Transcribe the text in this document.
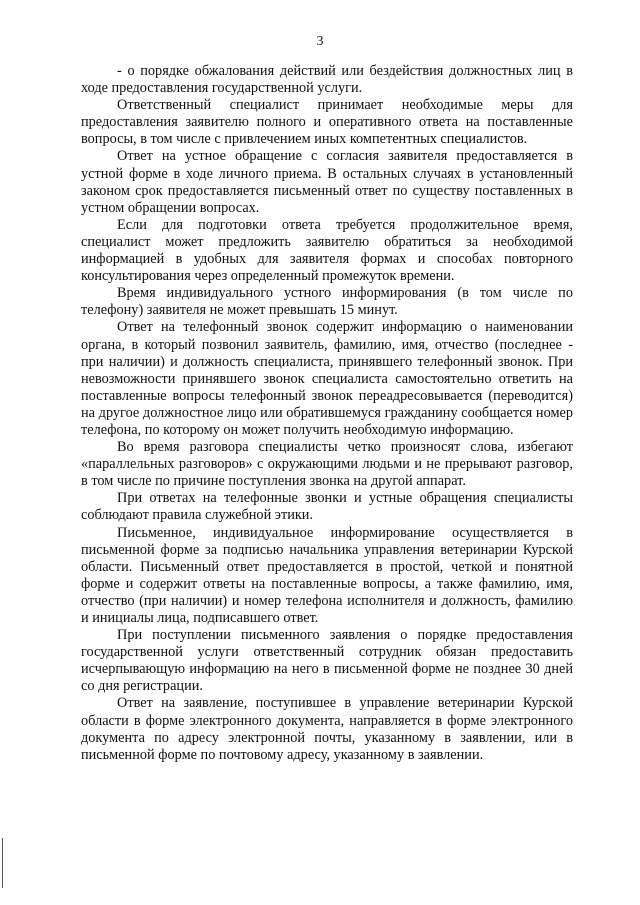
3

- о порядке обжалования действий или бездействия должностных лиц в ходе предоставления государственной услуги.

Ответственный специалист принимает необходимые меры для предоставления заявителю полного и оперативного ответа на поставленные вопросы, в том числе с привлечением иных компетентных специалистов.

Ответ на устное обращение с согласия заявителя предоставляется в устной форме в ходе личного приема. В остальных случаях в установленный законом срок предоставляется письменный ответ по существу поставленных в устном обращении вопросах.

Если для подготовки ответа требуется продолжительное время, специалист может предложить заявителю обратиться за необходимой информацией в удобных для заявителя формах и способах повторного консультирования через определенный промежуток времени.

Время индивидуального устного информирования (в том числе по телефону) заявителя не может превышать 15 минут.

Ответ на телефонный звонок содержит информацию о наименовании органа, в который позвонил заявитель, фамилию, имя, отчество (последнее - при наличии) и должность специалиста, принявшего телефонный звонок. При невозможности принявшего звонок специалиста самостоятельно ответить на поставленные вопросы телефонный звонок переадресовывается (переводится) на другое должностное лицо или обратившемуся гражданину сообщается номер телефона, по которому он может получить необходимую информацию.

Во время разговора специалисты четко произносят слова, избегают «параллельных разговоров» с окружающими людьми и не прерывают разговор, в том числе по причине поступления звонка на другой аппарат.

При ответах на телефонные звонки и устные обращения специалисты соблюдают правила служебной этики.

Письменное, индивидуальное информирование осуществляется в письменной форме за подписью начальника управления ветеринарии Курской области. Письменный ответ предоставляется в простой, четкой и понятной форме и содержит ответы на поставленные вопросы, а также фамилию, имя, отчество (при наличии) и номер телефона исполнителя и должность, фамилию и инициалы лица, подписавшего ответ.

При поступлении письменного заявления о порядке предоставления государственной услуги ответственный сотрудник обязан предоставить исчерпывающую информацию на него в письменной форме не позднее 30 дней со дня регистрации.

Ответ на заявление, поступившее в управление ветеринарии Курской области в форме электронного документа, направляется в форме электронного документа по адресу электронной почты, указанному в заявлении, или в письменной форме по почтовому адресу, указанному в заявлении.
